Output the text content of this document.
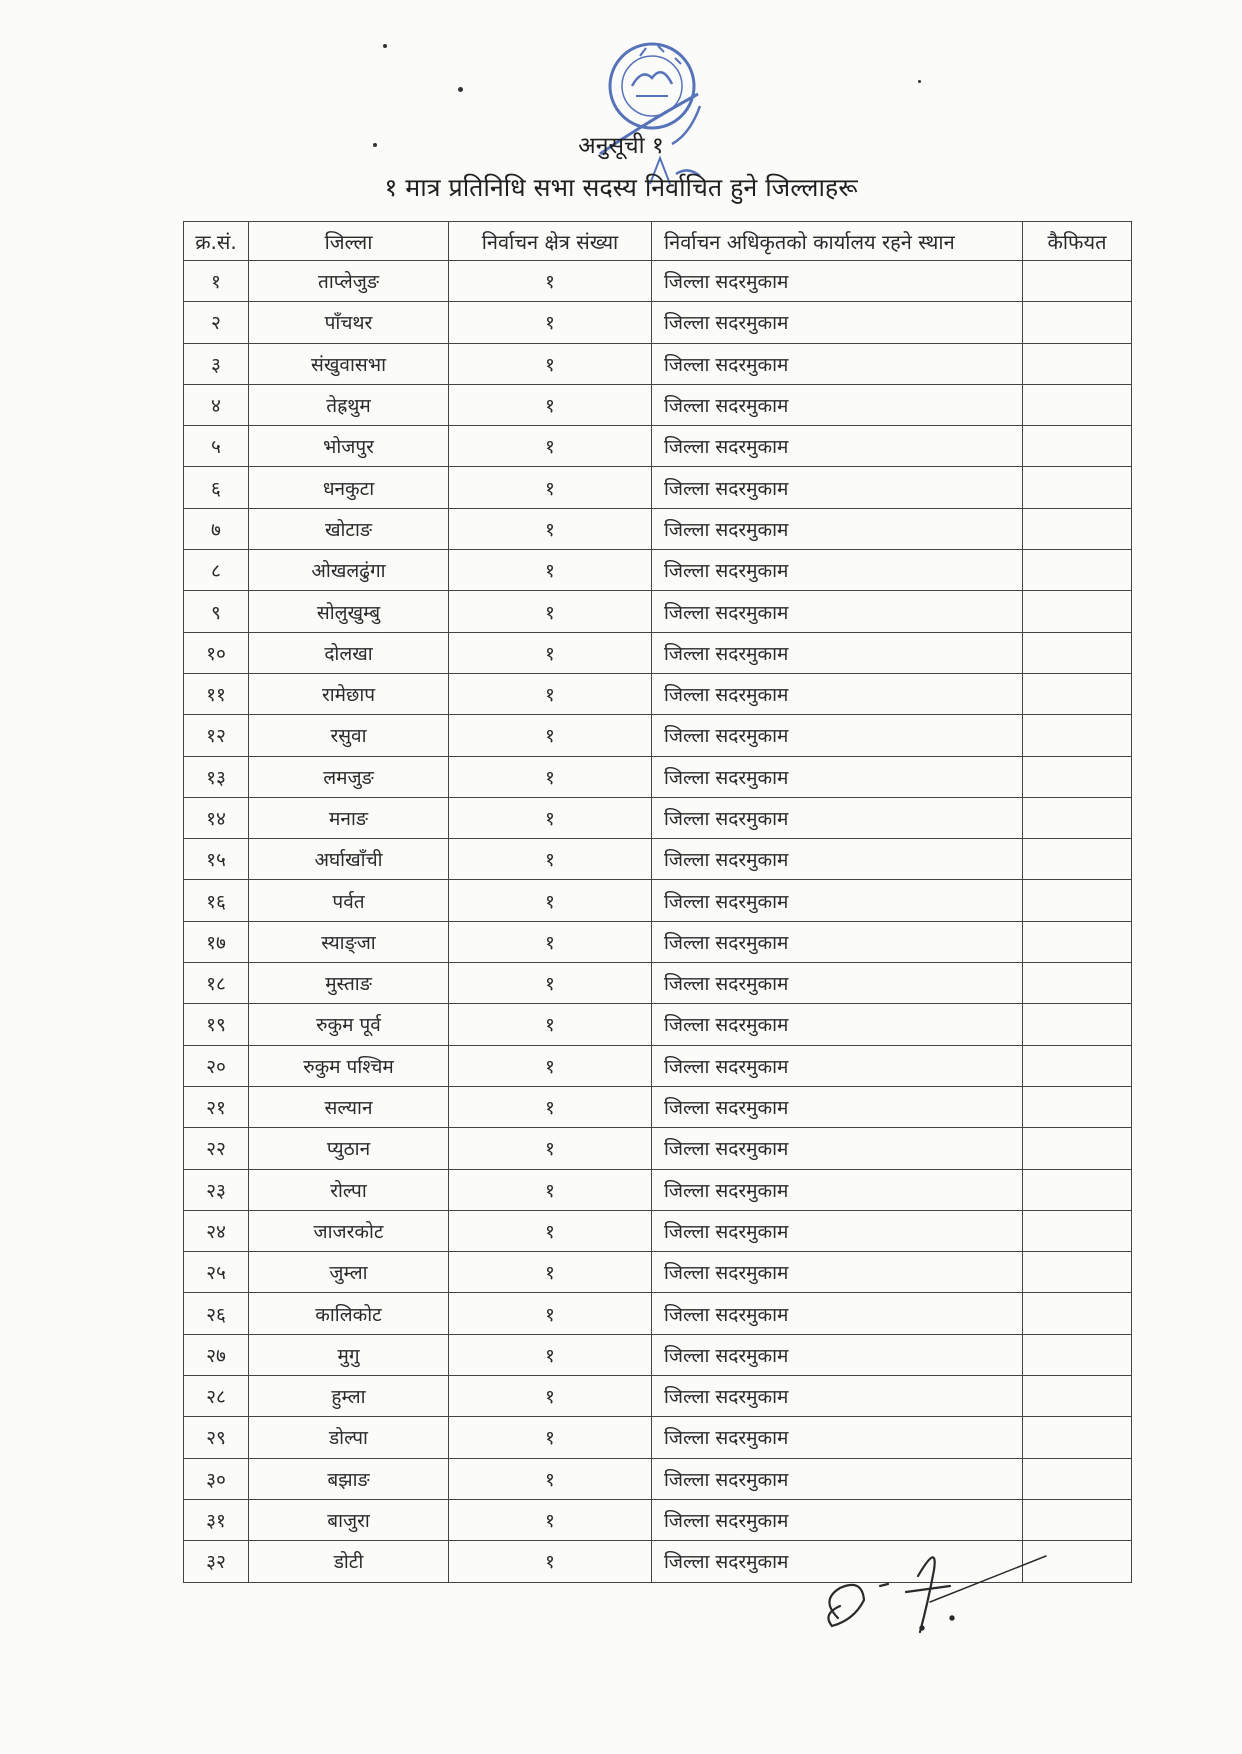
अनुसूची १
१ मात्र प्रतिनिधि सभा सदस्य निर्वाचित हुने जिल्लाहरू
क्र.सं.	जिल्ला	निर्वाचन क्षेत्र संख्या	निर्वाचन अधिकृतको कार्यालय रहने स्थान	कैफियत
१	ताप्लेजुङ	१	जिल्ला सदरमुकाम	
२	पाँचथर	१	जिल्ला सदरमुकाम	
३	संखुवासभा	१	जिल्ला सदरमुकाम	
४	तेह्रथुम	१	जिल्ला सदरमुकाम	
५	भोजपुर	१	जिल्ला सदरमुकाम	
६	धनकुटा	१	जिल्ला सदरमुकाम	
७	खोटाङ	१	जिल्ला सदरमुकाम	
८	ओखलढुंगा	१	जिल्ला सदरमुकाम	
९	सोलुखुम्बु	१	जिल्ला सदरमुकाम	
१०	दोलखा	१	जिल्ला सदरमुकाम	
११	रामेछाप	१	जिल्ला सदरमुकाम	
१२	रसुवा	१	जिल्ला सदरमुकाम	
१३	लमजुङ	१	जिल्ला सदरमुकाम	
१४	मनाङ	१	जिल्ला सदरमुकाम	
१५	अर्घाखाँची	१	जिल्ला सदरमुकाम	
१६	पर्वत	१	जिल्ला सदरमुकाम	
१७	स्याङ्जा	१	जिल्ला सदरमुकाम	
१८	मुस्ताङ	१	जिल्ला सदरमुकाम	
१९	रुकुम पूर्व	१	जिल्ला सदरमुकाम	
२०	रुकुम पश्चिम	१	जिल्ला सदरमुकाम	
२१	सल्यान	१	जिल्ला सदरमुकाम	
२२	प्युठान	१	जिल्ला सदरमुकाम	
२३	रोल्पा	१	जिल्ला सदरमुकाम	
२४	जाजरकोट	१	जिल्ला सदरमुकाम	
२५	जुम्ला	१	जिल्ला सदरमुकाम	
२६	कालिकोट	१	जिल्ला सदरमुकाम	
२७	मुगु	१	जिल्ला सदरमुकाम	
२८	हुम्ला	१	जिल्ला सदरमुकाम	
२९	डोल्पा	१	जिल्ला सदरमुकाम	
३०	बझाङ	१	जिल्ला सदरमुकाम	
३१	बाजुरा	१	जिल्ला सदरमुकाम	
३२	डोटी	१	जिल्ला सदरमुकाम	
